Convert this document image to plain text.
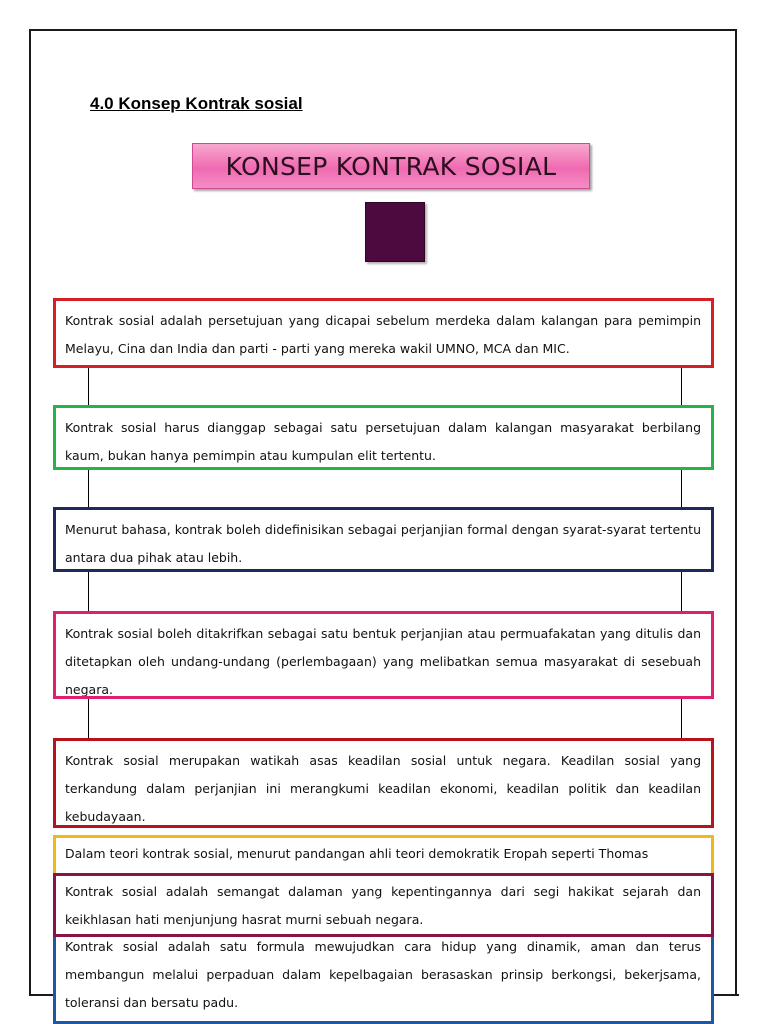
4.0 Konsep Kontrak sosial
KONSEP KONTRAK SOSIAL

Kontrak sosial adalah persetujuan yang dicapai sebelum merdeka dalam kalangan para pemimpin Melayu, Cina dan India dan parti - parti yang mereka wakil UMNO, MCA dan MIC.

Kontrak sosial harus dianggap sebagai satu persetujuan dalam kalangan masyarakat berbilang kaum, bukan hanya pemimpin atau kumpulan elit tertentu.

Menurut bahasa, kontrak boleh didefinisikan sebagai perjanjian formal dengan syarat-syarat tertentu antara dua pihak atau lebih.

Kontrak sosial boleh ditakrifkan sebagai satu bentuk perjanjian atau permuafakatan yang ditulis dan ditetapkan oleh undang-undang (perlembagaan) yang melibatkan semua masyarakat di sesebuah negara.

Kontrak sosial merupakan watikah asas keadilan sosial untuk negara. Keadilan sosial yang terkandung dalam perjanjian ini merangkumi keadilan ekonomi, keadilan politik dan keadilan kebudayaan.

Dalam teori kontrak sosial, menurut pandangan ahli teori demokratik Eropah seperti Thomas

Kontrak sosial adalah satu formula mewujudkan cara hidup yang dinamik, aman dan terus membangun melalui perpaduan dalam kepelbagaian berasaskan prinsip berkongsi, bekerjsama, toleransi dan bersatu padu.

Kontrak sosial adalah semangat dalaman yang kepentingannya dari segi hakikat sejarah dan keikhlasan hati menjunjung hasrat murni sebuah negara.
